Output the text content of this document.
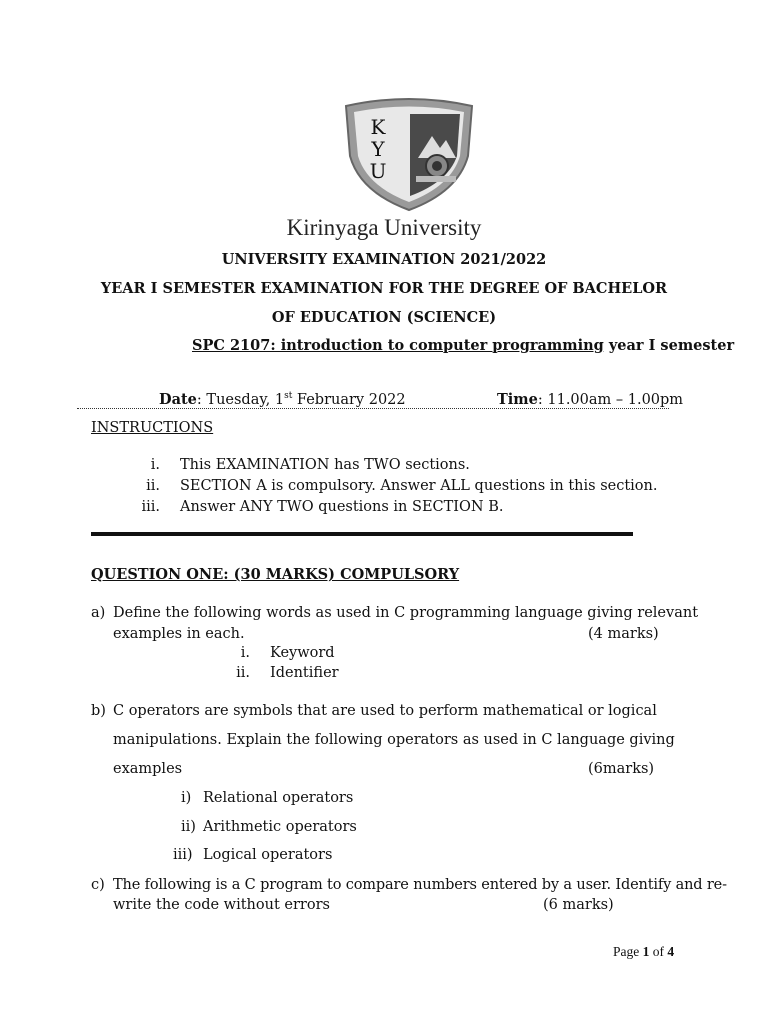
K
Y
U
Kirinyaga University
UNIVERSITY EXAMINATION 2021/2022
YEAR I SEMESTER EXAMINATION FOR THE DEGREE OF BACHELOR
OF EDUCATION (SCIENCE)
SPC 2107: introduction to computer programming year I semester
Date: Tuesday, 1st February 2022	Time: 11.00am – 1.00pm
INSTRUCTIONS
i. This EXAMINATION has TWO sections.
ii. SECTION A is compulsory. Answer ALL questions in this section.
iii. Answer ANY TWO questions in SECTION B.
QUESTION ONE: (30 MARKS) COMPULSORY
a) Define the following words as used in C programming language giving relevant
examples in each.	(4 marks)
i. Keyword
ii. Identifier
b) C operators are symbols that are used to perform mathematical or logical
manipulations. Explain the following operators as used in C language giving
examples	(6marks)
i) Relational operators
ii) Arithmetic operators
iii) Logical operators
c) The following is a C program to compare numbers entered by a user. Identify and re-
write the code without errors	(6 marks)
Page 1 of 4
